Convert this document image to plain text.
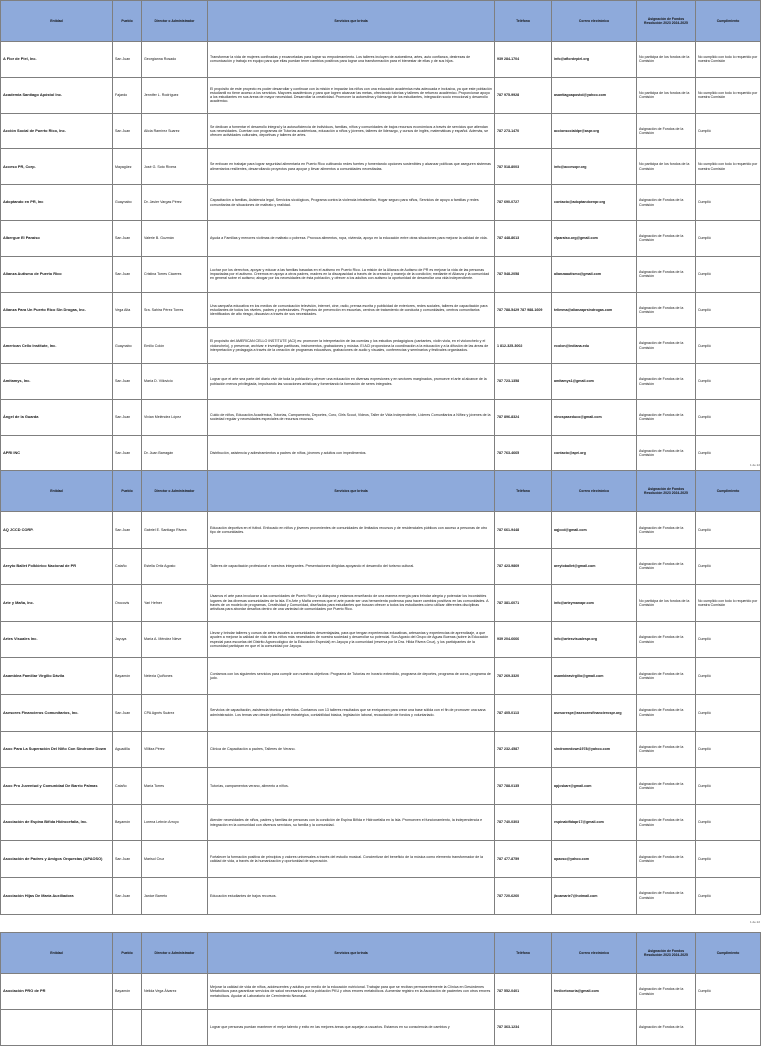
Entidad	Pueblo	Director o Administrador	Servicios que brinda	Teléfono	Correo electrónico	Asignación de Fondos Resolución 2023 2024-2025	Cumplimiento
A Flor de Piel, Inc.	San Juan	Georgianna Rosado	Transformar la vida de mujeres confinadas y excarceladas para lograr su empoderamiento. Los talleres incluyen de autoestima, artes, auto confianza, destrezas de comunicación y trabajo en equipo para que ellas puedan tener cambios positivos para lograr una transformación para el bienestar de ellas y de sus hijos.	939 284-1704	info@aflordepiel.org	No participa de los fondos de la Comisión	No cumplido con todo lo requerido por nuestra Comisión
Academia Santiago Apóstol Inc.	Fajardo	Jennifer L. Rodríguez	El propósito de este proyecto es poder desarrollar y continuar con la misión e impactar los niños con una educación académica más adecuada e inclusiva, ya que este población estudiantil no tiene acceso a los servicios. Mayores académicos y para que logren alcanzar las metas, ofreciendo tutorías y talleres de refuerzo académico. Proporcionar apoyo a los estudiantes en sus áreas de mayor necesidad. Desarrollar la creatividad. Promover la autoestima y liderazgo de los estudiantes, integración socio emocional y desarrollo académico.	787 975-9928	asantiagoapostol@yahoo.com	No participa de los fondos de la Comisión	No cumplido con todo lo requerido por nuestra Comisión
Acción Social de Puerto Rico, Inc.	San Juan	Alicia Ramírez Suarez	Se dedican a fomentar el desarrollo integral y la autosuficiencia de individuos, familias, niños y comunidades de bajos recursos económicos a través de servicios que atiendan sus necesidades. Cuentan con programas de Tutorías académicas, educación a niños y jóvenes, talleres de liderazgo, y cursos de inglés, matemáticas y español. Además, se ofrecen actividades culturales, deportivas y talleres de artes.	787 273-1470	accionsocialdpr@aspr.org	Asignación de Fondos de la Comisión	Cumplió
Acceso PR, Corp.	Mayagüez	José G. Soto Rivera	Se enfocan en trabajar para lograr seguridad alimentaria en Puerto Rico cultivando redes fuertes y fomentando opciones sostenibles y alcanzar políticas que aseguren sistemas alimentarios resilientes, desarrollando proyectos para apoyar y llevar alimentos a comunidades necesitadas.	787 518-8003	info@accesopr.org	No participa de los fondos de la Comisión	No cumplido con todo lo requerido por nuestra Comisión
Adoptando en PR, Inc	Guaynabo	Dr. Javier Vargas Pérez	Capacitación a familias, Asistencia legal, Servicios sicológicos, Programa contra la violencia intrafamiliar, Hogar seguro para niños, Servicios de apoyo a familias y redes comunitarias de situaciones de maltrato y realidad.	787 690-0727	contacto@adoptandoenpr.org	Asignación de Fondos de la Comisión	Cumplió
Albergue El Paraíso	San Juan	Valerie B. Guzmán	Ayuda a Familias y menores víctimas de maltrato o pobreza. Provoca alimentos, ropa, vivienda, apoyo en la educación entre otras situaciones para mejorar la calidad de vida.	787 448-8613	elparaiso.org@gmail.com	Asignación de Fondos de la Comisión	Cumplió
Alianza Autismo de Puerto Rico	San Juan	Cristina Torres Cáceres	Luchar por los derechos, apoyar y educar a las familias basadas en el autismo en Puerto Rico. La misión de la Alianza de Autismo de PR es mejorar la vida de las personas impactadas por el autismo. Creemos en apoyo a otros padres, madres en la discapacidad a través de la creación y manejo de la condición; mediante el Alianza y la comunidad en general sobre el autismo; abogar por los necesidades de ésta población, y ofrecer a los adultos con autismo la oportunidad de desarrollar una vida independiente.	787 548-2058	alianzaautismo@gmail.com	Asignación de Fondos de la Comisión	Cumplió
Alianza Para Un Puerto Rico Sin Drogas, Inc.	Vega Alta	Sra. Sahira Pérez Torres	Una campaña educativa en los medios de comunicación televisión, internet, cine, radio, prensa escrita y publicidad de exteriores, redes sociales, talleres de capacitación para estudiantes de todos los niveles, padres y profesionales. Proyectos de prevención en escuelas, centros de tratamiento de conducta y comunidades, centros comunitarios identificados de alto riesgo, disuasivo a través de sus necesidades.	787 788-5429 787 988-1609	telimma@alianzaprsindrogas.com	Asignación de Fondos de la Comisión	Cumplió
American Cello Institute, Inc.	Guaynabo	Emilio Colón	El propósito del AMERICAN CELLO INSTITUTE (ACI) es: promover la interpretación de las cuerdas y los estudios pedagógicos (cantantes, violín viola, en el violonchelo y el violonchelo), y preservar, archivar e investigar partituras, instrumentos, grabaciones y música. El ACI proporciona la coordinación a la educación y a la difusión de las áreas de interpretación y pedagogía a través de la creación de programas educativos, grabaciones de audio y visuales, conferencias y seminarios y festivales organizados.	1 812-325-3002	ecolon@indiana.edu	Asignación de Fondos de la Comisión	Cumplió
Amitamys, Inc.	San Juan	María D. Villovicio	Lograr que el arte sea parte del diario vivir de toda la población y ofrecer una educación en diversas expresiones y en sectores marginados, promueve el arte al alcance de la población menos privilegiada, impulsando las vocaciones artísticas y fomentando la formación de seres integrales.	787 723-1358	amitamys1@gmail.com	Asignación de Fondos de la Comisión	Cumplió
Ángel de la Guarda	San Juan	Vivian Meléndez López	Cuido de niños, Educación Académica, Tutorías, Campamento, Deportes, Coro, Girls Scout, Videos, Taller de Vida Independiente, Líderes Comunitarios a Niñez y jóvenes de la sociedad regular y necesidades especiales de recursos recursos.	787 896-8324	ninospaseduco@gmail.com	Asignación de Fondos de la Comisión	Cumplió
APRI INC	San Juan	Dr. Juan Barragán	Distribución, asistencia y adiestramientos a padres de niños, jóvenes y adultos con impedimentos.	787 763-4665	contacto@apri.org	Asignación de Fondos de la Comisión	Cumplió
1 de 22
Entidad	Pueblo	Director o Administrador	Servicios que brinda	Teléfono	Correo electrónico	Asignación de Fondos Resolución 2023 2024-2025	Cumplimiento
AQ JCCD CORP.	San Juan	Gabriel E. Santiago Rivera	Educación deportiva en el futbol. Enfocado en niños y jóvenes provenientes de comunidades de limitados recursos y de residenciales públicos con acceso a personas de otro tipo de comunidades.	787 661-9448	aqjccd@gmail.com	Asignación de Fondos de la Comisión	Cumplió
Areyto Ballet Folklórico Nacional de PR	Cataño	Estella Ortiz Agosto	Talleres de capacitación profesional e nuestros integrantes. Presentaciones dirigidas apoyando el desarrollo del turismo cultural.	787 423-9869	areytoballet@gmail.com	Asignación de Fondos de la Comisión	Cumplió
Arte y Maña, Inc.	Orocovis	Yari Hefner	Usamos el arte para involucrar a las comunidades de Puerto Rico y la diáspora y estamos enseñando de una manera energía para brindar alegría y potenciar los incontables lugares de las diversas comunidades de la isla. En Arte y Maña creemos que el arte puede ser una herramienta poderosa para hacer cambios positivos en las comunidades. A través de un modelo de programas, Creatividad y Comunidad, diseñados para estudiantes que buscan ofrecer a todos los estudiantes cómo utilizar diferentes disciplinas artísticas para abordar desafíos dentro de una variedad de comunidades por Puerto Rico.	787 381-6071	info@arteymanapr.com	No participa de los fondos de la Comisión	No cumplido con todo lo requerido por nuestra Comisión
Artes Visuales Inc.	Jayuya	María A. Méndez Nieve	Llevar y brindar talleres y cursos de artes visuales a comunidades desventajadas, para que tengan experiencias educativas, artesanías y experiencias de aprendizaje, a que ayuden a mejorar la calidad de vida de los niños más necesitados de nuestra sociedad y desarrollar su potencial. Son Agosto del Grupo de Aguas Buenas (sobre la Educación especial para escuelas del Distrito Agroecológico de la Educación Especial) en Jayuya y la comunidad (reserva por la Dra. Hilda Rivera Cruz), y los participantes de la comunidad participan en que el la comunidad por Jayuya.	939 204-6666	info@artesvisualespr.org	Asignación de Fondos de la Comisión	Cumplió
Asamblea Familiar Virgilio Dávila	Bayamón	Nelexia Quiñones	Contamos con los siguientes servicios para cumplir con nuestros objetivos: Programa de Tutorías en horario extendido, programa de deportes, programa de coros, programa de judo.	787 269-3320	asambleavirgilio@gmail.com	Asignación de Fondos de la Comisión	Cumplió
Asesores Financieros Comunitarios, Inc.	San Juan	CPA Agnés Suárez	Servicios de capacitación, asistencia técnica y referidos. Contamos con 13 talleres resultados que se enriquecen para crear una base sólida con el fin de promover una sana administración. Los temas van desde planificación estratégica, contabilidad básica, legislación laboral, recaudación de fondos y voluntariado.	787 405-0113	asesorespr@asesoresfinancierospr.org	Asignación de Fondos de la Comisión	Cumplió
Asoc Para La Superación Del Niño Con Síndrome Down	Aguadilla	Villitza Pérez	Clínica de Capacitación a padres, Talleres de Verano.	787 232-4587	sindromedown1978@yahoo.com	Asignación de Fondos de la Comisión	Cumplió
Asoc Pro Juventud y Comunidad De Barrio Palmas	Cataño	María Torres	Tutorías, campamentos verano, alimento a niños.	787 788-0135	apjcsbarr@gmail.com	Asignación de Fondos de la Comisión	Cumplió
Asociación de Espina Bífida Hidrocefalia, Inc.	Bayamón	Lorena Lebrón Arroyo	Atender necesidades de niños, padres y familias de personas con la condición de Espina Bífida e Hidrocefalia en la Isla. Promueven el funcionamiento, la independencia e integración en la comunidad con diversos servicios, su familia y la comunidad.	787 740-0303	espinabifidapr17@gmail.com	Asignación de Fondos de la Comisión	Cumplió
Asociación de Padres y Amigos Orquestas (APAOSO)	San Juan	Marisol Cruz	Fortalecer la formación positiva de principios y valores universales a través del estudio musical. Concientizar del beneficio de la música como elemento transformador de la calidad de vida, a través de la humanización y oportunidad de superación.	787 477-8759	apaoso@yahoo.com	Asignación de Fondos de la Comisión	Cumplió
Asociación Hijas De María Auxiliadora	San Juan	Janice Barreto	Educación estudiantes de bajos recursos.	787 720-6260	jbcamarie7@hotmail.com	Asignación de Fondos de la Comisión	Cumplió
1 de 22
Entidad	Pueblo	Director o Administrador	Servicios que brinda	Teléfono	Correo electrónico	Asignación de Fondos Resolución 2023 2024-2025	Cumplimiento
Asociación PRO de PR	Bayamón	Nelida Vega Álvarez	Mejorar la calidad de vida de niños, adolescentes y adultos por medio de la educación nutricional. Trabajar para que se reciban permanentemente la Clínica en Desórdenes Metabólicos para garantizar servicios de salud necesarios para la población PKU y otros errores metabólicos. Aumentar registro en la Asociación de pacientes con otros errores metabólicos. Ayudar al Laboratorio de Cernimiento Neonatal.	787 552-0401	fenilcetonuria@gmail.com	Asignación de Fondos de la Comisión	Cumplió
			Lograr que personas puedan mantener el mejor talento y exito en las mejores áreas que aquejan a usuarios. Estamos en su consciencia de cambios y	787 363-1234		Asignación de Fondos de la	
